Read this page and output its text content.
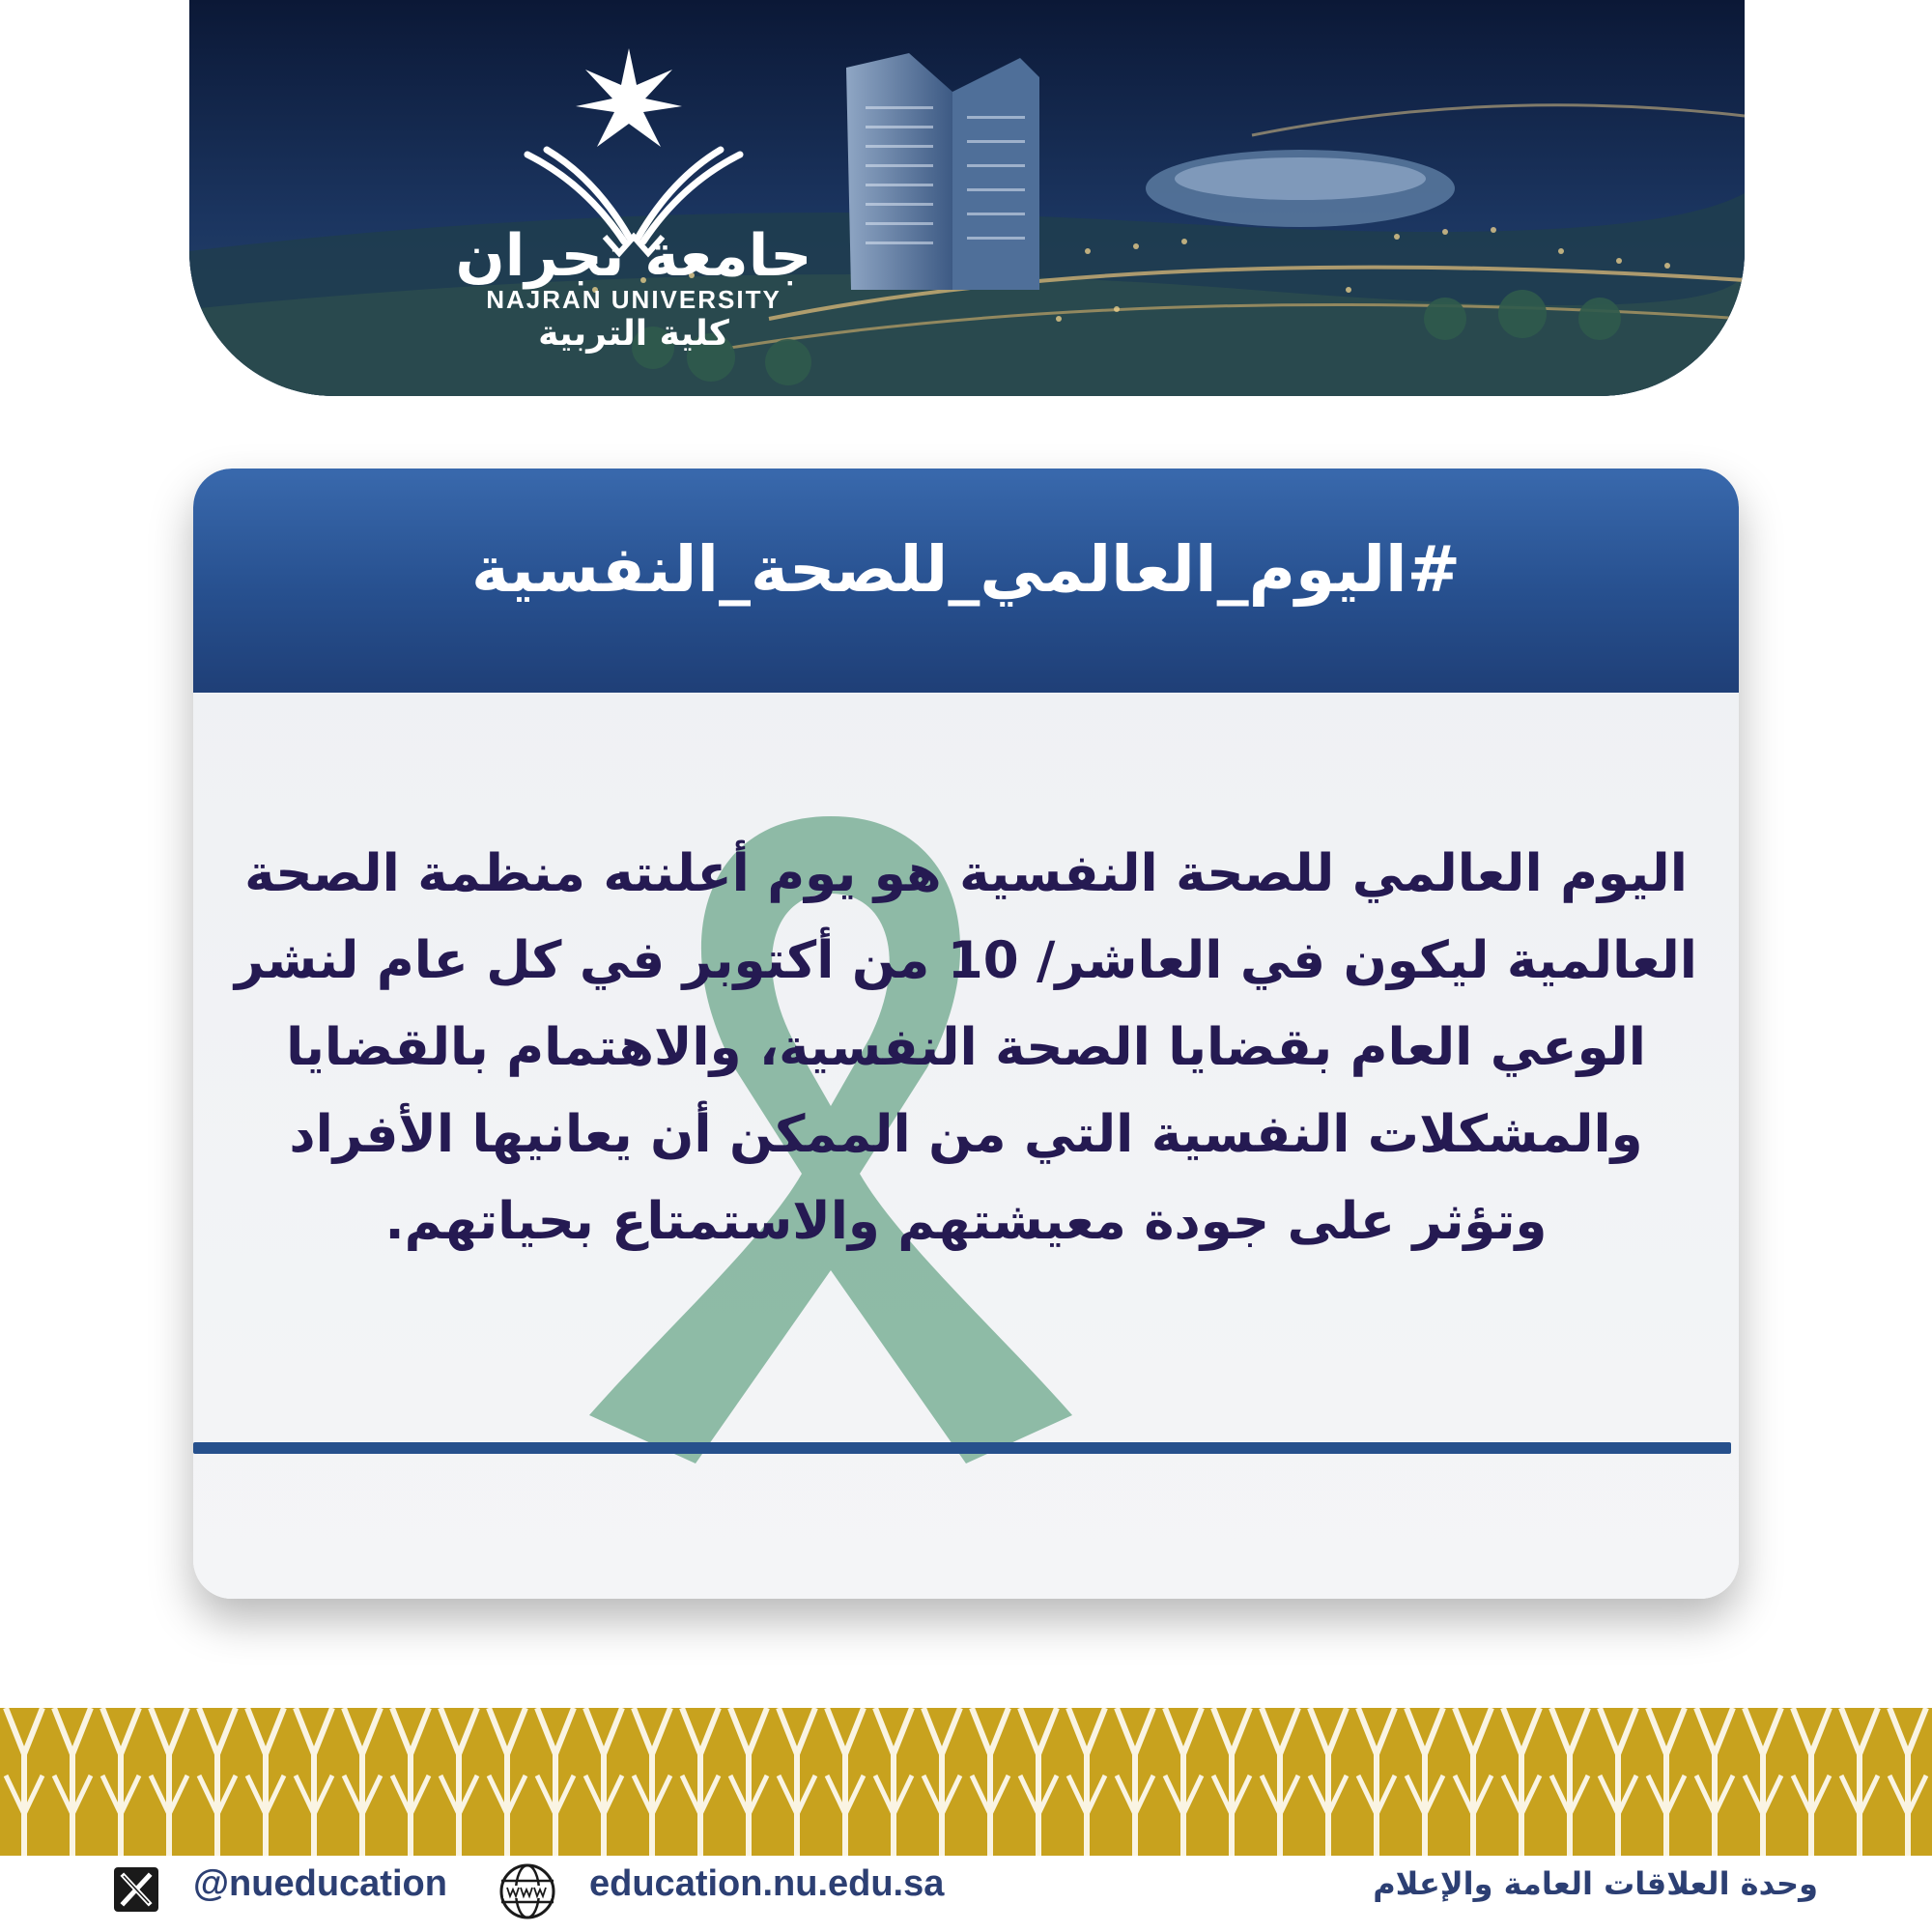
جامعة نجران
NAJRAN UNIVERSITY
كلية التربية
#اليوم_العالمي_للصحة_النفسية
اليوم العالمي للصحة النفسية هو يوم أعلنته منظمة الصحة
العالمية ليكون في العاشر/ 10 من أكتوبر في كل عام لنشر
الوعي العام بقضايا الصحة النفسية، والاهتمام بالقضايا
والمشكلات النفسية التي من الممكن أن يعانيها الأفراد
وتؤثر على جودة معيشتهم والاستمتاع بحياتهم.
@nueducation	education.nu.edu.sa	وحدة العلاقات العامة والإعلام
